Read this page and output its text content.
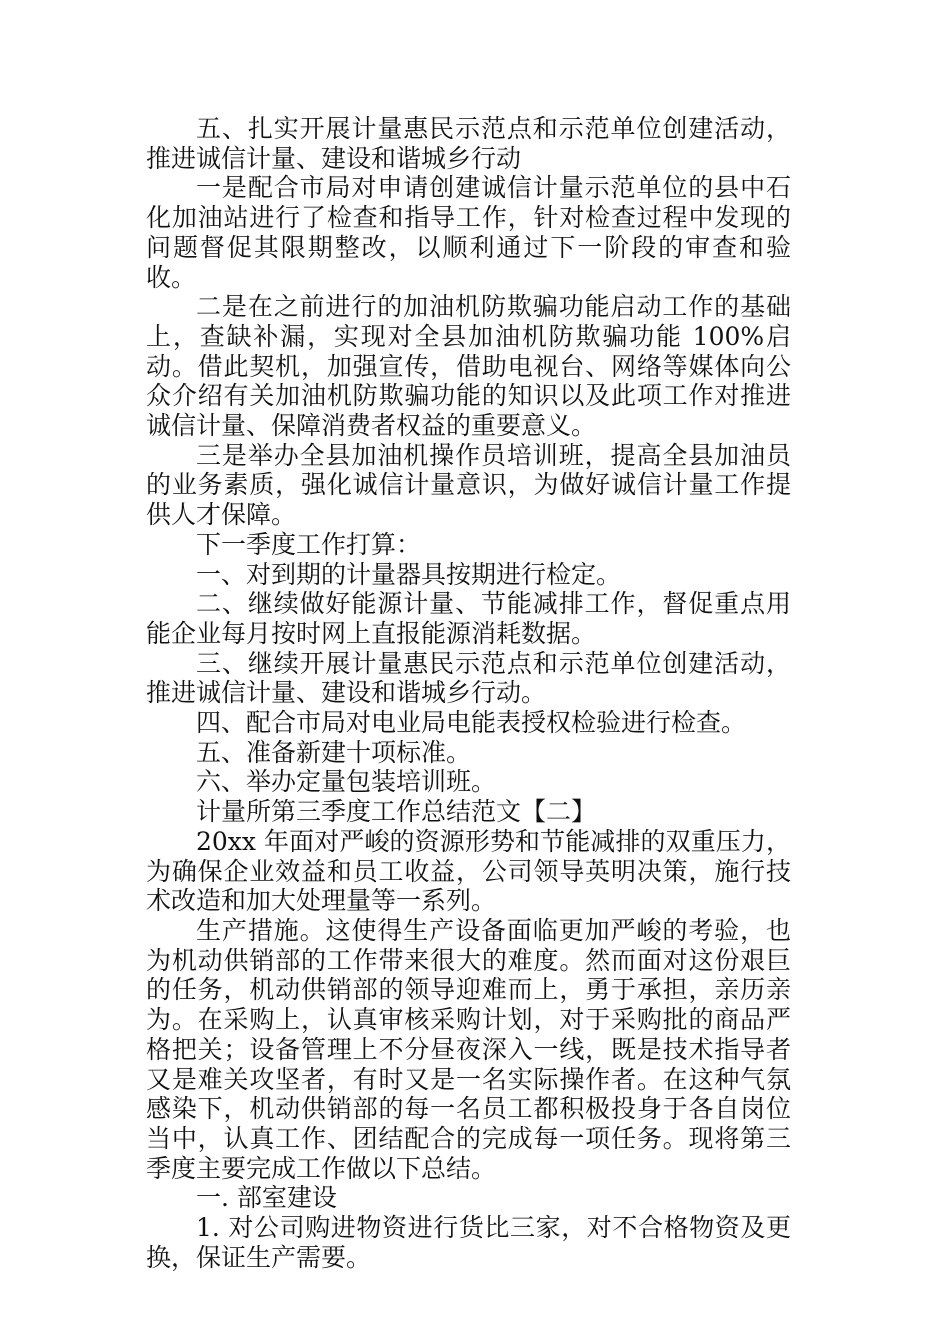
五、扎实开展计量惠民示范点和示范单位创建活动，推进诚信计量、建设和谐城乡行动

一是配合市局对申请创建诚信计量示范单位的县中石化加油站进行了检查和指导工作，针对检查过程中发现的问题督促其限期整改，以顺利通过下一阶段的审查和验收。

二是在之前进行的加油机防欺骗功能启动工作的基础上，查缺补漏，实现对全县加油机防欺骗功能 100%启动。借此契机，加强宣传，借助电视台、网络等媒体向公众介绍有关加油机防欺骗功能的知识以及此项工作对推进诚信计量、保障消费者权益的重要意义。

三是举办全县加油机操作员培训班，提高全县加油员的业务素质，强化诚信计量意识，为做好诚信计量工作提供人才保障。

下一季度工作打算：

一、对到期的计量器具按期进行检定。

二、继续做好能源计量、节能减排工作，督促重点用能企业每月按时网上直报能源消耗数据。

三、继续开展计量惠民示范点和示范单位创建活动，推进诚信计量、建设和谐城乡行动。

四、配合市局对电业局电能表授权检验进行检查。

五、准备新建十项标准。

六、举办定量包装培训班。

计量所第三季度工作总结范文【二】

20xx 年面对严峻的资源形势和节能减排的双重压力，为确保企业效益和员工收益，公司领导英明决策，施行技术改造和加大处理量等一系列。

生产措施。这使得生产设备面临更加严峻的考验，也为机动供销部的工作带来很大的难度。然而面对这份艰巨的任务，机动供销部的领导迎难而上，勇于承担，亲历亲为。在采购上，认真审核采购计划，对于采购批的商品严格把关；设备管理上不分昼夜深入一线，既是技术指导者又是难关攻坚者，有时又是一名实际操作者。在这种气氛感染下，机动供销部的每一名员工都积极投身于各自岗位当中，认真工作、团结配合的完成每一项任务。现将第三季度主要完成工作做以下总结。

一. 部室建设

1. 对公司购进物资进行货比三家，对不合格物资及更换，保证生产需要。
